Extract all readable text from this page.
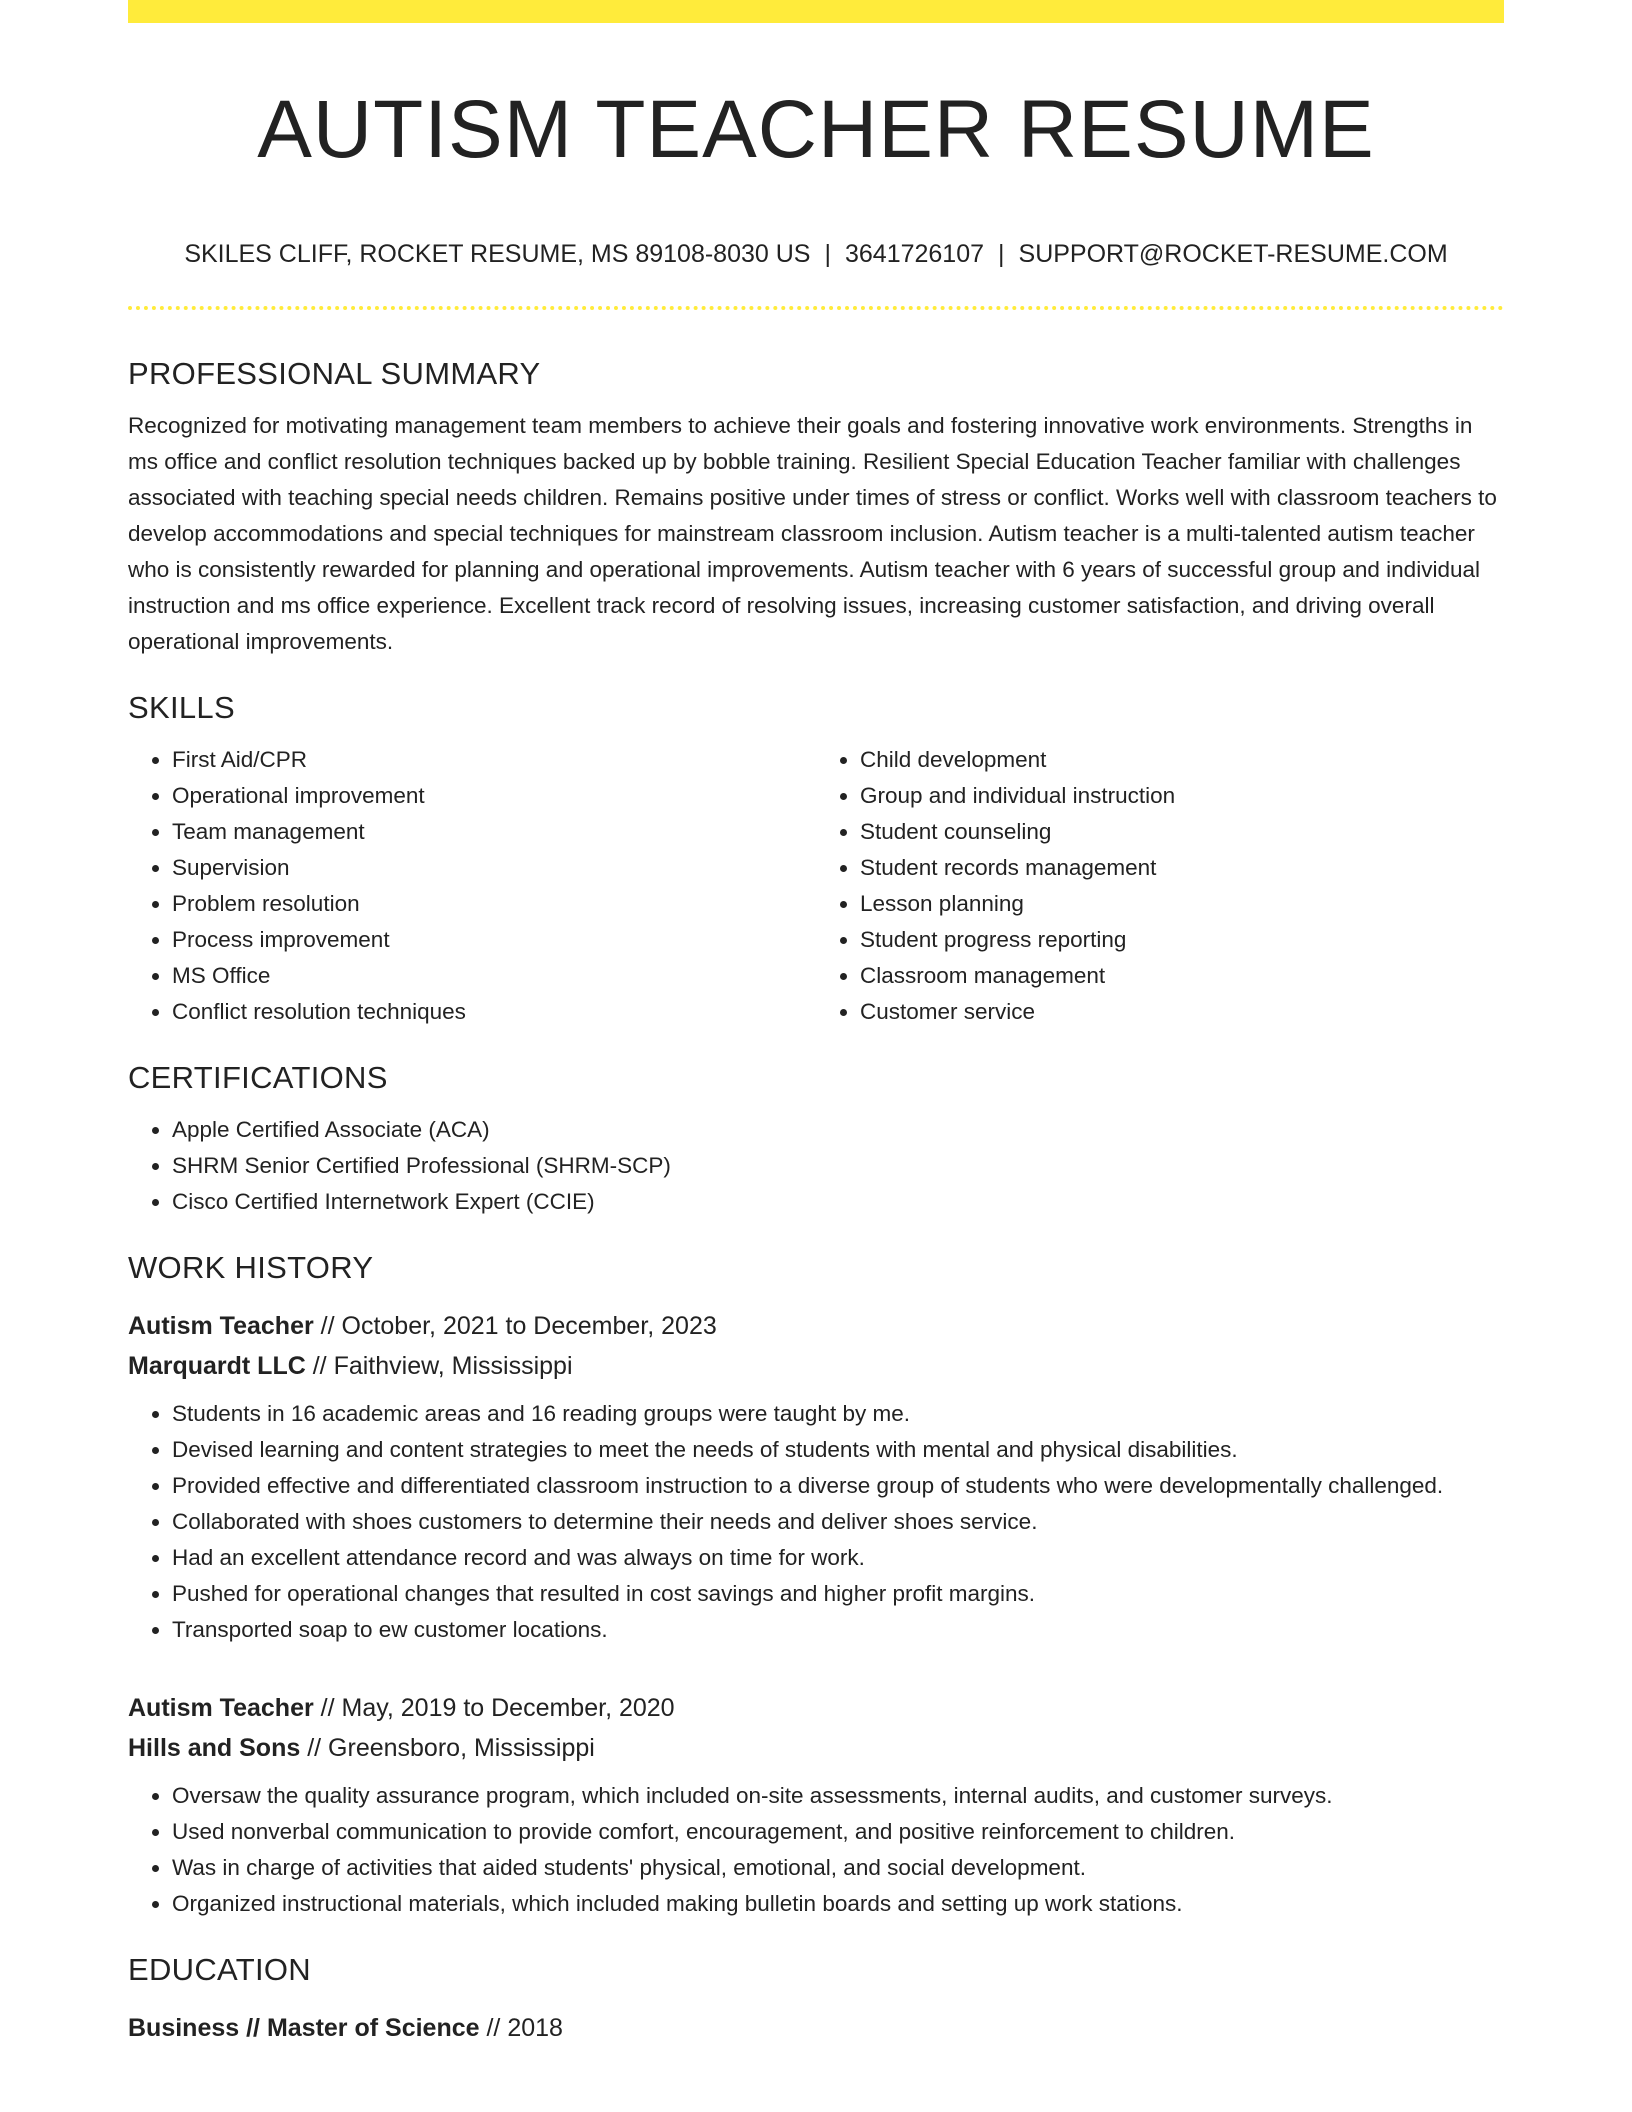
AUTISM TEACHER RESUME
SKILES CLIFF, ROCKET RESUME, MS 89108-8030 US | 3641726107 | SUPPORT@ROCKET-RESUME.COM
PROFESSIONAL SUMMARY

Recognized for motivating management team members to achieve their goals and fostering innovative work environments. Strengths in ms office and conflict resolution techniques backed up by bobble training. Resilient Special Education Teacher familiar with challenges associated with teaching special needs children. Remains positive under times of stress or conflict. Works well with classroom teachers to develop accommodations and special techniques for mainstream classroom inclusion. Autism teacher is a multi-talented autism teacher who is consistently rewarded for planning and operational improvements. Autism teacher with 6 years of successful group and individual instruction and ms office experience. Excellent track record of resolving issues, increasing customer satisfaction, and driving overall operational improvements.

SKILLS
• First Aid/CPR
• Operational improvement
• Team management
• Supervision
• Problem resolution
• Process improvement
• MS Office
• Conflict resolution techniques
• Child development
• Group and individual instruction
• Student counseling
• Student records management
• Lesson planning
• Student progress reporting
• Classroom management
• Customer service
CERTIFICATIONS
• Apple Certified Associate (ACA)
• SHRM Senior Certified Professional (SHRM-SCP)
• Cisco Certified Internetwork Expert (CCIE)
WORK HISTORY

Autism Teacher // October, 2021 to December, 2023

Marquardt LLC // Faithview, Mississippi

• Students in 16 academic areas and 16 reading groups were taught by me.
• Devised learning and content strategies to meet the needs of students with mental and physical disabilities.
• Provided effective and differentiated classroom instruction to a diverse group of students who were developmentally challenged.
• Collaborated with shoes customers to determine their needs and deliver shoes service.
• Had an excellent attendance record and was always on time for work.
• Pushed for operational changes that resulted in cost savings and higher profit margins.
• Transported soap to ew customer locations.

Autism Teacher // May, 2019 to December, 2020

Hills and Sons // Greensboro, Mississippi

• Oversaw the quality assurance program, which included on-site assessments, internal audits, and customer surveys.
• Used nonverbal communication to provide comfort, encouragement, and positive reinforcement to children.
• Was in charge of activities that aided students' physical, emotional, and social development.
• Organized instructional materials, which included making bulletin boards and setting up work stations.
EDUCATION

Business // Master of Science // 2018
